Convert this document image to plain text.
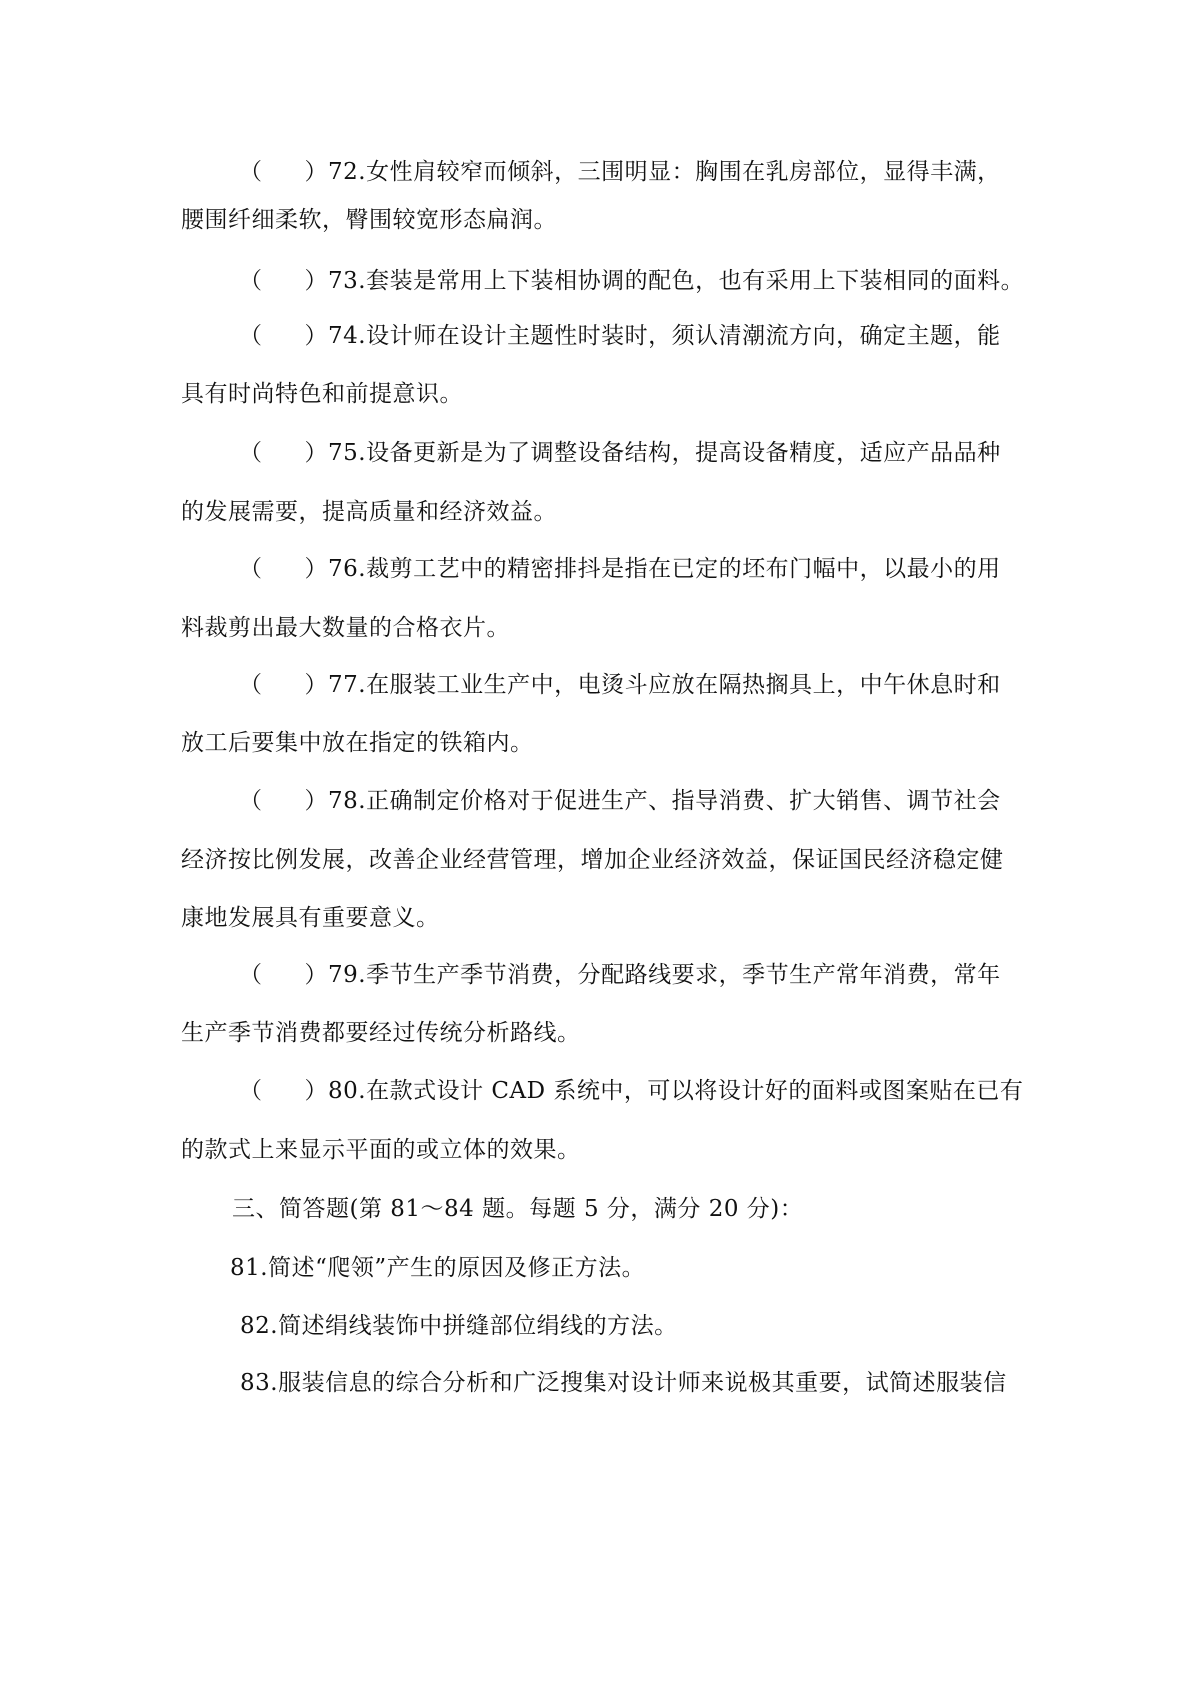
（ ）72.女性肩较窄而倾斜，三围明显：胸围在乳房部位，显得丰满，
腰围纤细柔软，臀围较宽形态扁润。
（ ）73.套装是常用上下装相协调的配色，也有采用上下装相同的面料。
（ ）74.设计师在设计主题性时装时，须认清潮流方向，确定主题，能
具有时尚特色和前提意识。
（ ）75.设备更新是为了调整设备结构，提高设备精度，适应产品品种
的发展需要，提高质量和经济效益。
（ ）76.裁剪工艺中的精密排抖是指在已定的坯布门幅中，以最小的用
料裁剪出最大数量的合格衣片。
（ ）77.在服装工业生产中，电烫斗应放在隔热搁具上，中午休息时和
放工后要集中放在指定的铁箱内。
（ ）78.正确制定价格对于促进生产、指导消费、扩大销售、调节社会
经济按比例发展，改善企业经营管理，增加企业经济效益，保证国民经济稳定健
康地发展具有重要意义。
（ ）79.季节生产季节消费，分配路线要求，季节生产常年消费，常年
生产季节消费都要经过传统分析路线。
（ ）80.在款式设计 CAD 系统中，可以将设计好的面料或图案贴在已有
的款式上来显示平面的或立体的效果。
三、简答题(第 81～84 题。每题 5 分，满分 20 分)：
81.简述“爬领”产生的原因及修正方法。
82.简述绢线装饰中拼缝部位绢线的方法。
83.服装信息的综合分析和广泛搜集对设计师来说极其重要，试简述服装信
